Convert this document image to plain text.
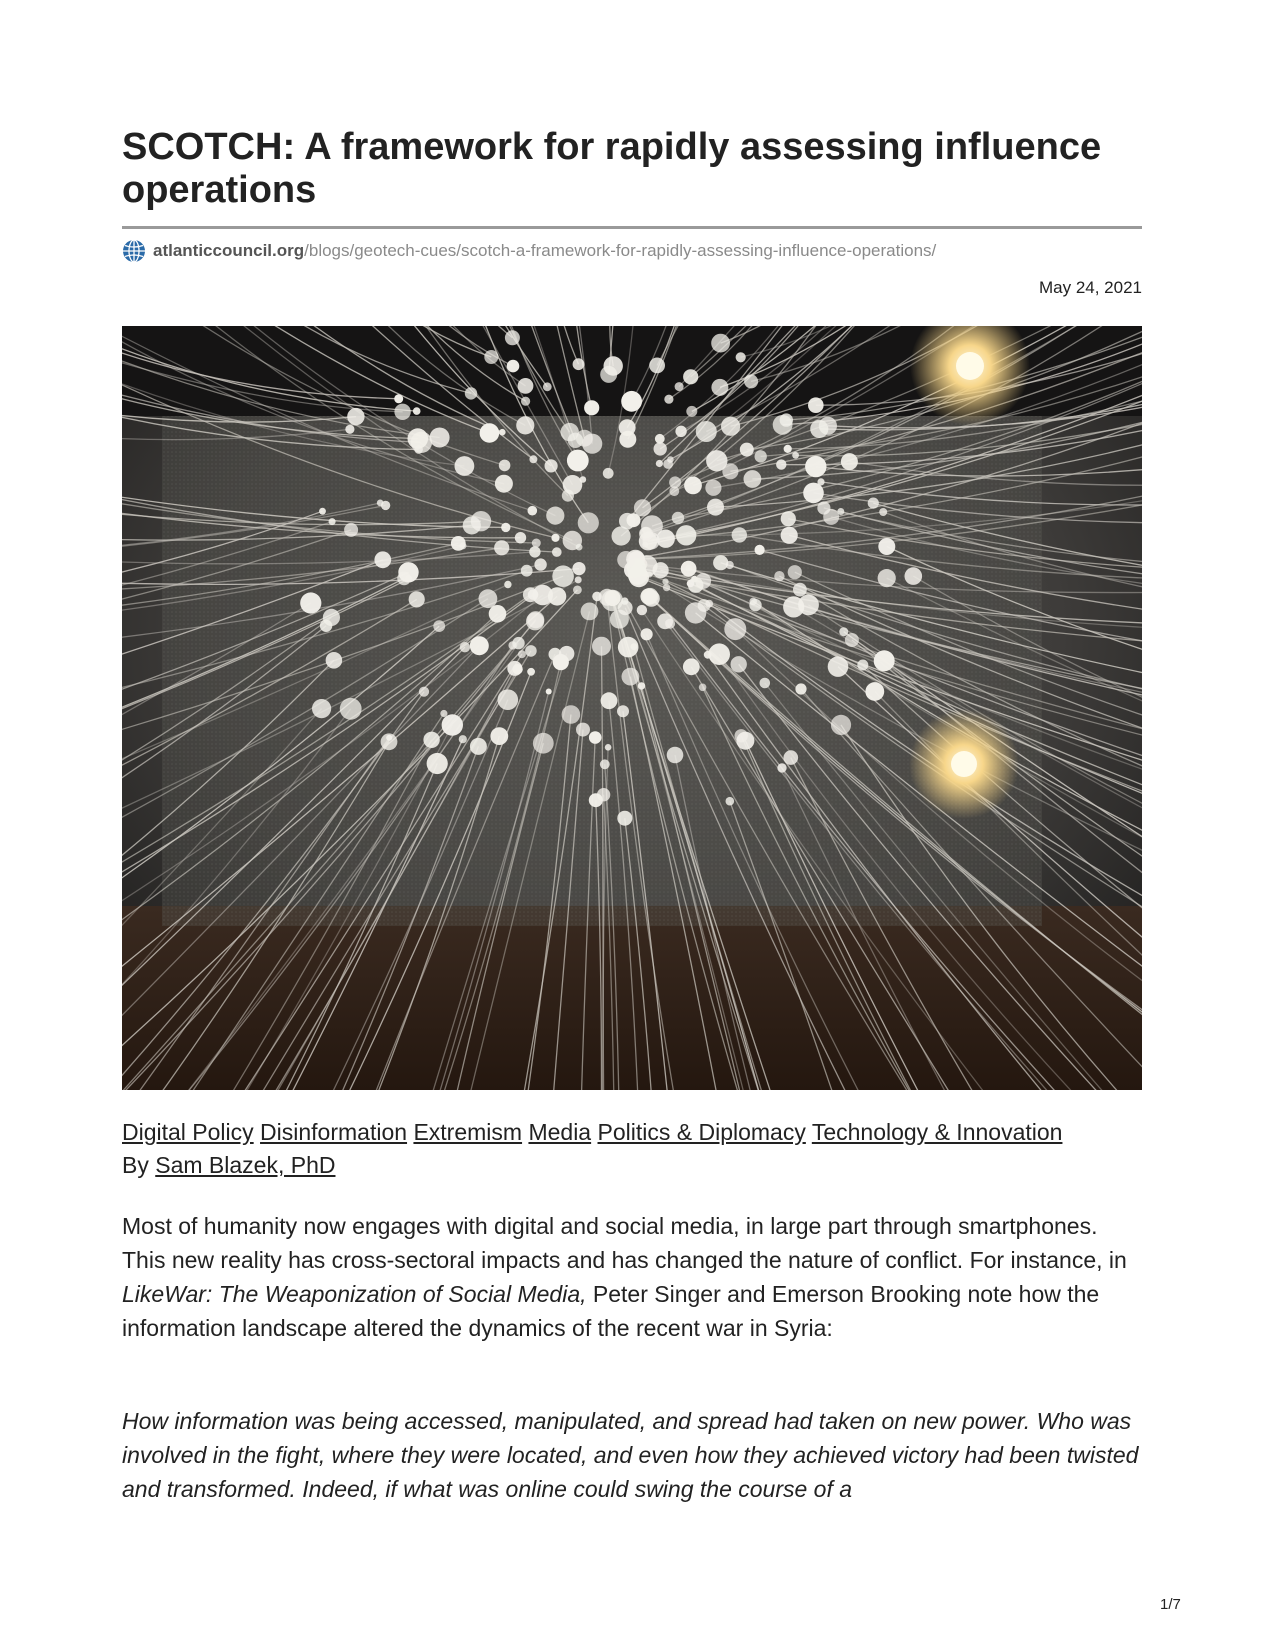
SCOTCH: A framework for rapidly assessing influence operations
atlanticcouncil.org /blogs/geotech-cues/scotch-a-framework-for-rapidly-assessing-influence-operations/
May 24, 2021
Digital Policy Disinformation Extremism Media Politics & Diplomacy Technology & Innovation
By Sam Blazek, PhD

Most of humanity now engages with digital and social media, in large part through smartphones. This new reality has cross-sectoral impacts and has changed the nature of conflict. For instance, in LikeWar: The Weaponization of Social Media, Peter Singer and Emerson Brooking note how the information landscape altered the dynamics of the recent war in Syria:

How information was being accessed, manipulated, and spread had taken on new power. Who was involved in the fight, where they were located, and even how they achieved victory had been twisted and transformed. Indeed, if what was online could swing the course of a

1/7
